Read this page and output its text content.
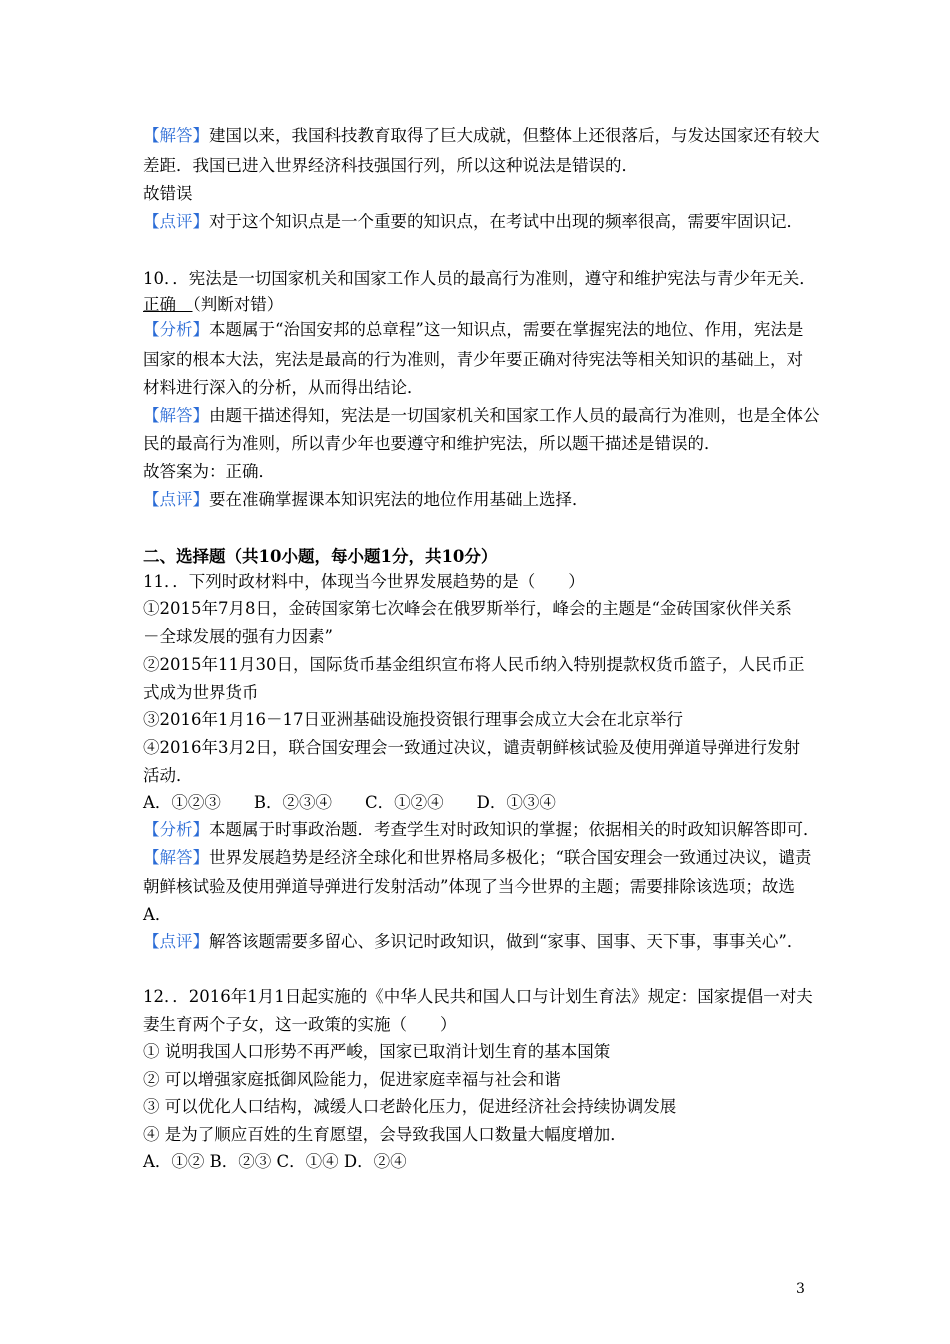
【解答】建国以来，我国科技教育取得了巨大成就，但整体上还很落后，与发达国家还有较大
差距．我国已进入世界经济科技强国行列，所以这种说法是错误的．
故错误
【点评】对于这个知识点是一个重要的知识点，在考试中出现的频率很高，需要牢固识记．
10．．宪法是一切国家机关和国家工作人员的最高行为准则，遵守和维护宪法与青少年无关．
正确　（判断对错）
【分析】本题属于“治国安邦的总章程”这一知识点，需要在掌握宪法的地位、作用，宪法是
国家的根本大法，宪法是最高的行为准则，青少年要正确对待宪法等相关知识的基础上，对
材料进行深入的分析，从而得出结论．
【解答】由题干描述得知，宪法是一切国家机关和国家工作人员的最高行为准则，也是全体公
民的最高行为准则，所以青少年也要遵守和维护宪法，所以题干描述是错误的．
故答案为：正确．
【点评】要在准确掌握课本知识宪法的地位作用基础上选择．
二、选择题（共10小题，每小题1分，共10分）
11．．下列时政材料中，体现当今世界发展趋势的是（　　）
①2015年7月8日，金砖国家第七次峰会在俄罗斯举行，峰会的主题是“金砖国家伙伴关系
－全球发展的强有力因素”
②2015年11月30日，国际货币基金组织宣布将人民币纳入特别提款权货币篮子，人民币正
式成为世界货币
③2016年1月16－17日亚洲基础设施投资银行理事会成立大会在北京举行
④2016年3月2日，联合国安理会一致通过决议，谴责朝鲜核试验及使用弹道导弹进行发射
活动．
A．①②③　　B．②③④　　C．①②④　　D．①③④
【分析】本题属于时事政治题．考查学生对时政知识的掌握；依据相关的时政知识解答即可．
【解答】世界发展趋势是经济全球化和世界格局多极化；“联合国安理会一致通过决议，谴责
朝鲜核试验及使用弹道导弹进行发射活动”体现了当今世界的主题；需要排除该选项；故选
A．
【点评】解答该题需要多留心、多识记时政知识，做到“家事、国事、天下事，事事关心”．
12．．2016年1月1日起实施的《中华人民共和国人口与计划生育法》规定：国家提倡一对夫
妻生育两个子女，这一政策的实施（　　）
① 说明我国人口形势不再严峻，国家已取消计划生育的基本国策
② 可以增强家庭抵御风险能力，促进家庭幸福与社会和谐
③ 可以优化人口结构，减缓人口老龄化压力，促进经济社会持续协调发展
④ 是为了顺应百姓的生育愿望，会导致我国人口数量大幅度增加．
A．①② B．②③ C．①④ D．②④
3
